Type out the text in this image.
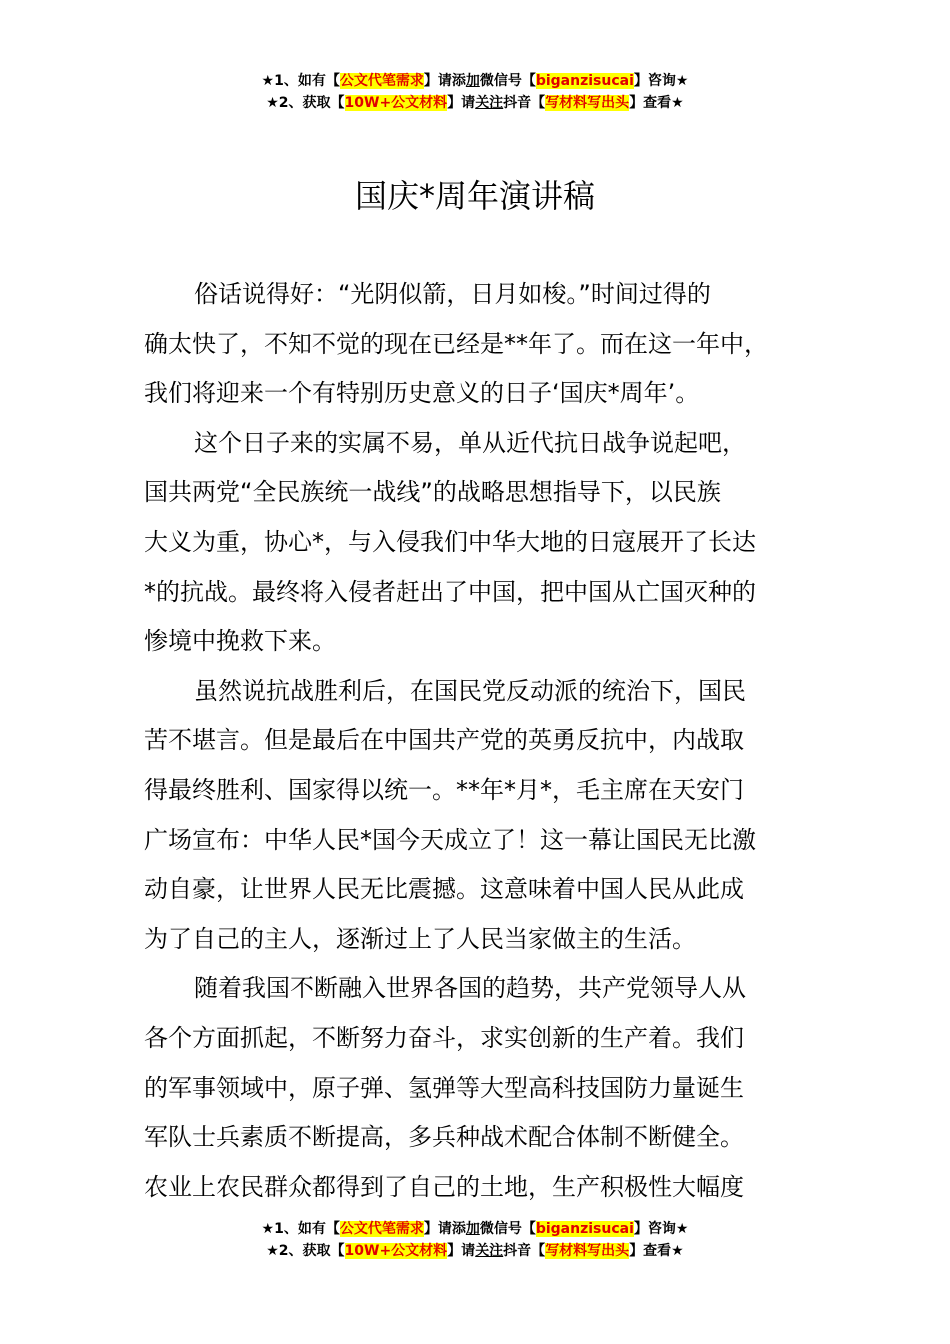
★1、如有【公文代笔需求】请添加微信号【biganzisucai】咨询★
★2、获取【10W+公文材料】请关注抖音【写材料写出头】查看★
国庆*周年演讲稿
俗话说得好：“光阴似箭，日月如梭。”时间过得的
确太快了，不知不觉的现在已经是**年了。而在这一年中，
我们将迎来一个有特别历史意义的日子‘国庆*周年’。
这个日子来的实属不易，单从近代抗日战争说起吧，
国共两党“全民族统一战线”的战略思想指导下，以民族
大义为重，协心*，与入侵我们中华大地的日寇展开了长达
*的抗战。最终将入侵者赶出了中国，把中国从亡国灭种的
惨境中挽救下来。
虽然说抗战胜利后，在国民党反动派的统治下，国民
苦不堪言。但是最后在中国共产党的英勇反抗中，内战取
得最终胜利、国家得以统一。**年*月*，毛主席在天安门
广场宣布：中华人民*国今天成立了！这一幕让国民无比激
动自豪，让世界人民无比震撼。这意味着中国人民从此成
为了自己的主人，逐渐过上了人民当家做主的生活。
随着我国不断融入世界各国的趋势，共产党领导人从
各个方面抓起，不断努力奋斗，求实创新的生产着。我们
的军事领域中，原子弹、氢弹等大型高科技国防力量诞生
军队士兵素质不断提高，多兵种战术配合体制不断健全。
农业上农民群众都得到了自己的土地，生产积极性大幅度
★1、如有【公文代笔需求】请添加微信号【biganzisucai】咨询★
★2、获取【10W+公文材料】请关注抖音【写材料写出头】查看★
